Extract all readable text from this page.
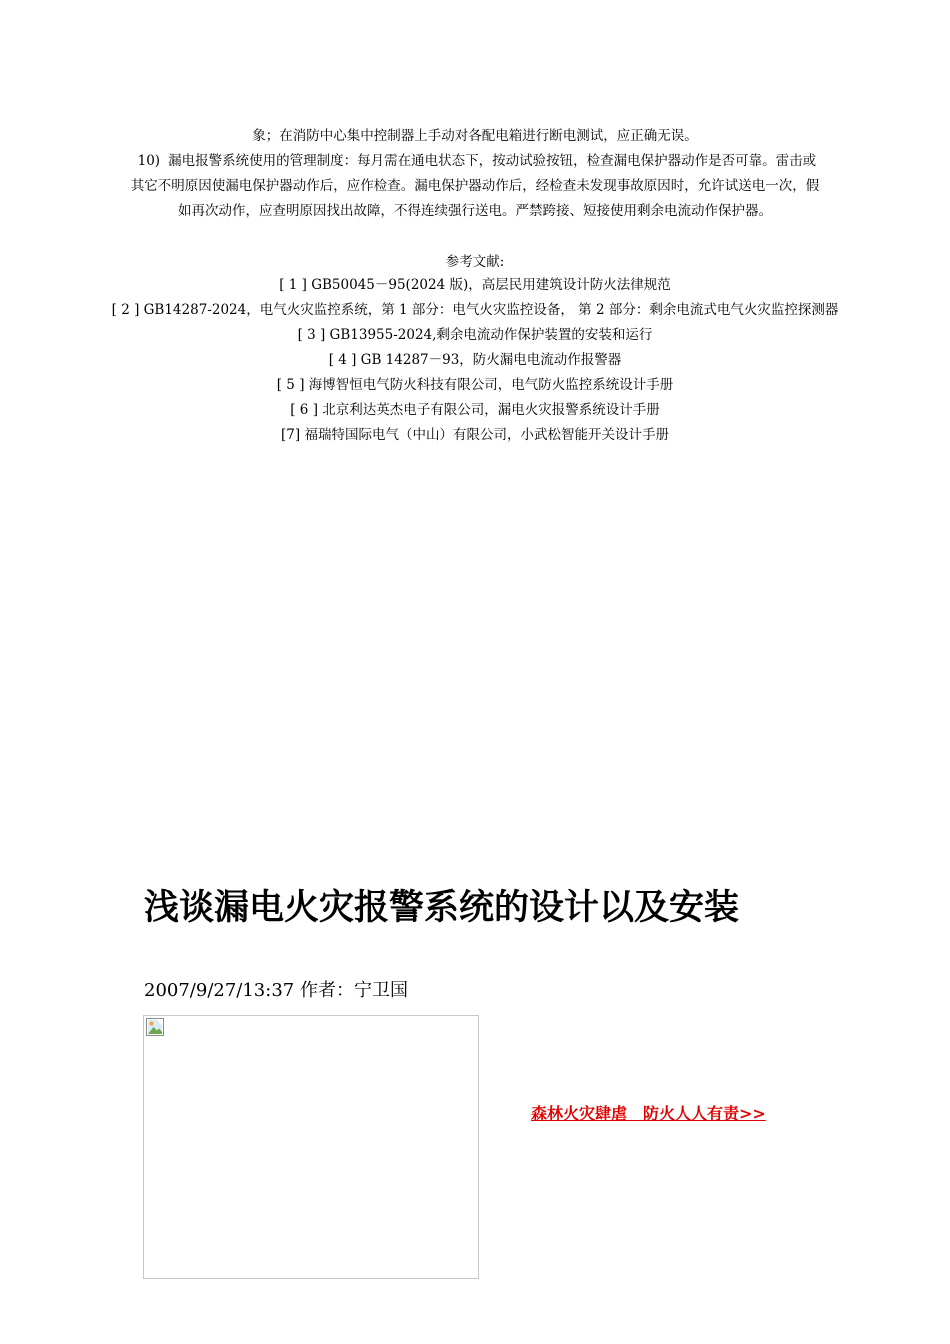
象；在消防中心集中控制器上手动对各配电箱进行断电测试，应正确无误。
10) 漏电报警系统使用的管理制度：每月需在通电状态下，按动试验按钮，检查漏电保护器动作是否可靠。雷击或
其它不明原因使漏电保护器动作后，应作检查。漏电保护器动作后，经检查未发现事故原因时，允许试送电一次，假
如再次动作，应查明原因找出故障，不得连续强行送电。严禁跨接、短接使用剩余电流动作保护器。
参考文献:
[ 1 ] GB50045－95(2024 版)，高层民用建筑设计防火法律规范
[ 2 ] GB14287-2024，电气火灾监控系统，第 1 部分：电气火灾监控设备， 第 2 部分：剩余电流式电气火灾监控探测器
[ 3 ] GB13955-2024,剩余电流动作保护装置的安装和运行
[ 4 ] GB 14287－93，防火漏电电流动作报警器
[ 5 ] 海博智恒电气防火科技有限公司，电气防火监控系统设计手册
[ 6 ] 北京利达英杰电子有限公司，漏电火灾报警系统设计手册
[7] 福瑞特国际电气（中山）有限公司，小武松智能开关设计手册
浅谈漏电火灾报警系统的设计以及安装
2007/9/27/13:37 作者：宁卫国
森林火灾肆虐　防火人人有责>>
